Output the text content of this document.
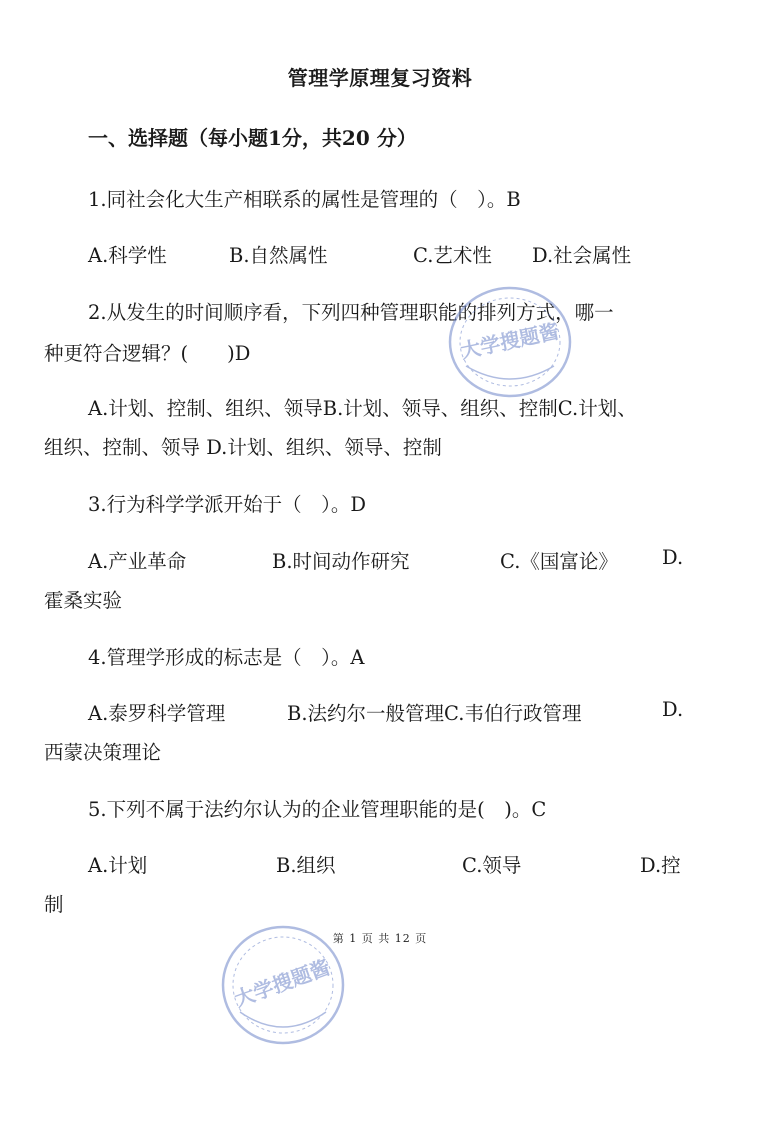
管理学原理复习资料
一、选择题（每小题1分，共20 分）
1.同社会化大生产相联系的属性是管理的（　）。B
A.科学性	B.自然属性	C.艺术性 D.社会属性
2.从发生的时间顺序看，下列四种管理职能的排列方式，哪一
种更符合逻辑？(　　)D
A.计划、控制、组织、领导B.计划、领导、组织、控制C.计划、
组织、控制、领导 D.计划、组织、领导、控制
3.行为科学学派开始于（　）。D
A.产业革命	B.时间动作研究	C.《国富论》 D.
霍桑实验
4.管理学形成的标志是（　）。A
A.泰罗科学管理	B.法约尔一般管理C.韦伯行政管理	D.
西蒙决策理论
5.下列不属于法约尔认为的企业管理职能的是(　)。C
A.计划	B.组织	C.领导	D.控
制
第 1 页 共 12 页
大学搜题酱
大学搜题酱
